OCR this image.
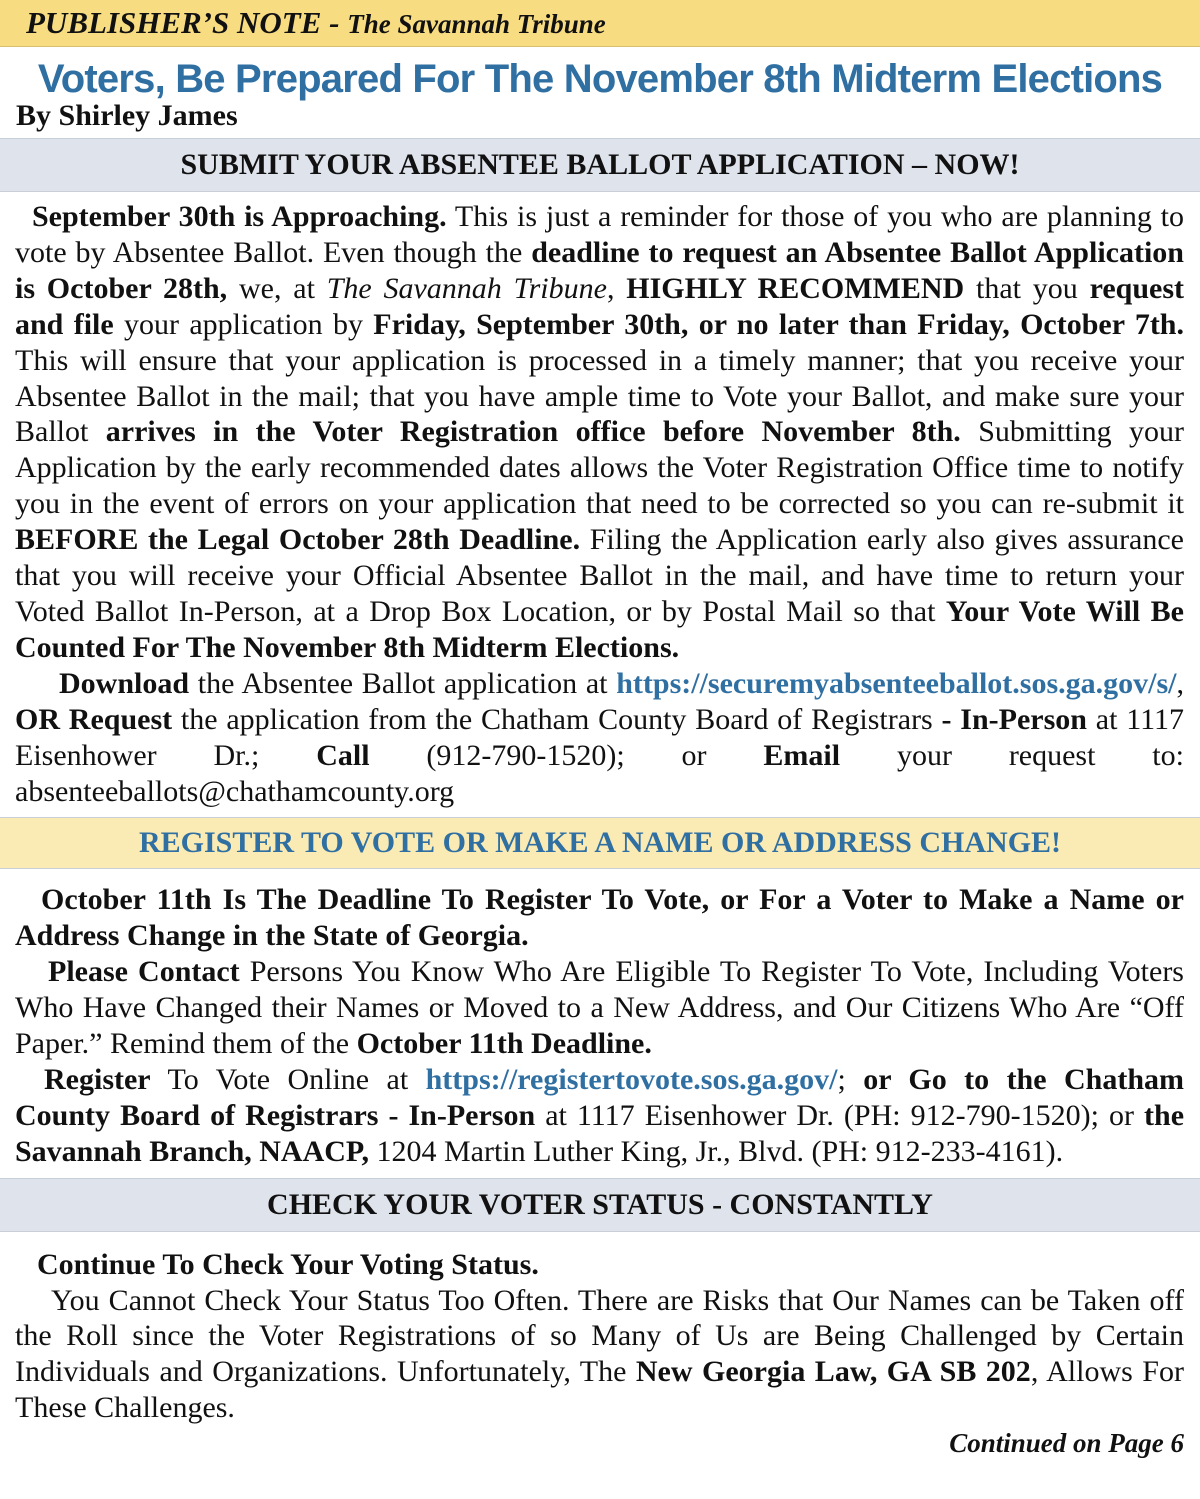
PUBLISHER’S NOTE - The Savannah Tribune
Voters, Be Prepared For The November 8th Midterm Elections
By Shirley James
SUBMIT YOUR ABSENTEE BALLOT APPLICATION – NOW!

September 30th is Approaching. This is just a reminder for those of you who are planning to vote by Absentee Ballot. Even though the deadline to request an Absentee Ballot Application is October 28th, we, at The Savannah Tribune, HIGHLY RECOMMEND that you request and file your application by Friday, September 30th, or no later than Friday, October 7th. This will ensure that your application is processed in a timely manner; that you receive your Absentee Ballot in the mail; that you have ample time to Vote your Ballot, and make sure your Ballot arrives in the Voter Registration office before November 8th. Submitting your Application by the early recommended dates allows the Voter Registration Office time to notify you in the event of errors on your application that need to be corrected so you can re-submit it BEFORE the Legal October 28th Deadline. Filing the Application early also gives assurance that you will receive your Official Absentee Ballot in the mail, and have time to return your Voted Ballot In-Person, at a Drop Box Location, or by Postal Mail so that Your Vote Will Be Counted For The November 8th Midterm Elections.

Download the Absentee Ballot application at https://securemyabsenteeballot.sos.ga.gov/s/, OR Request the application from the Chatham County Board of Registrars - In-Person at 1117 Eisenhower Dr.; Call (912-790-1520); or Email your request to: absenteeballots@chathamcounty.org

REGISTER TO VOTE OR MAKE A NAME OR ADDRESS CHANGE!

October 11th Is The Deadline To Register To Vote, or For a Voter to Make a Name or Address Change in the State of Georgia.

Please Contact Persons You Know Who Are Eligible To Register To Vote, Including Voters Who Have Changed their Names or Moved to a New Address, and Our Citizens Who Are “Off Paper.” Remind them of the October 11th Deadline.

Register To Vote Online at https://registertovote.sos.ga.gov/; or Go to the Chatham County Board of Registrars - In-Person at 1117 Eisenhower Dr. (PH: 912-790-1520); or the Savannah Branch, NAACP, 1204 Martin Luther King, Jr., Blvd. (PH: 912-233-4161).

CHECK YOUR VOTER STATUS - CONSTANTLY

Continue To Check Your Voting Status.

You Cannot Check Your Status Too Often. There are Risks that Our Names can be Taken off the Roll since the Voter Registrations of so Many of Us are Being Challenged by Certain Individuals and Organizations. Unfortunately, The New Georgia Law, GA SB 202, Allows For These Challenges.

Continued on Page 6
